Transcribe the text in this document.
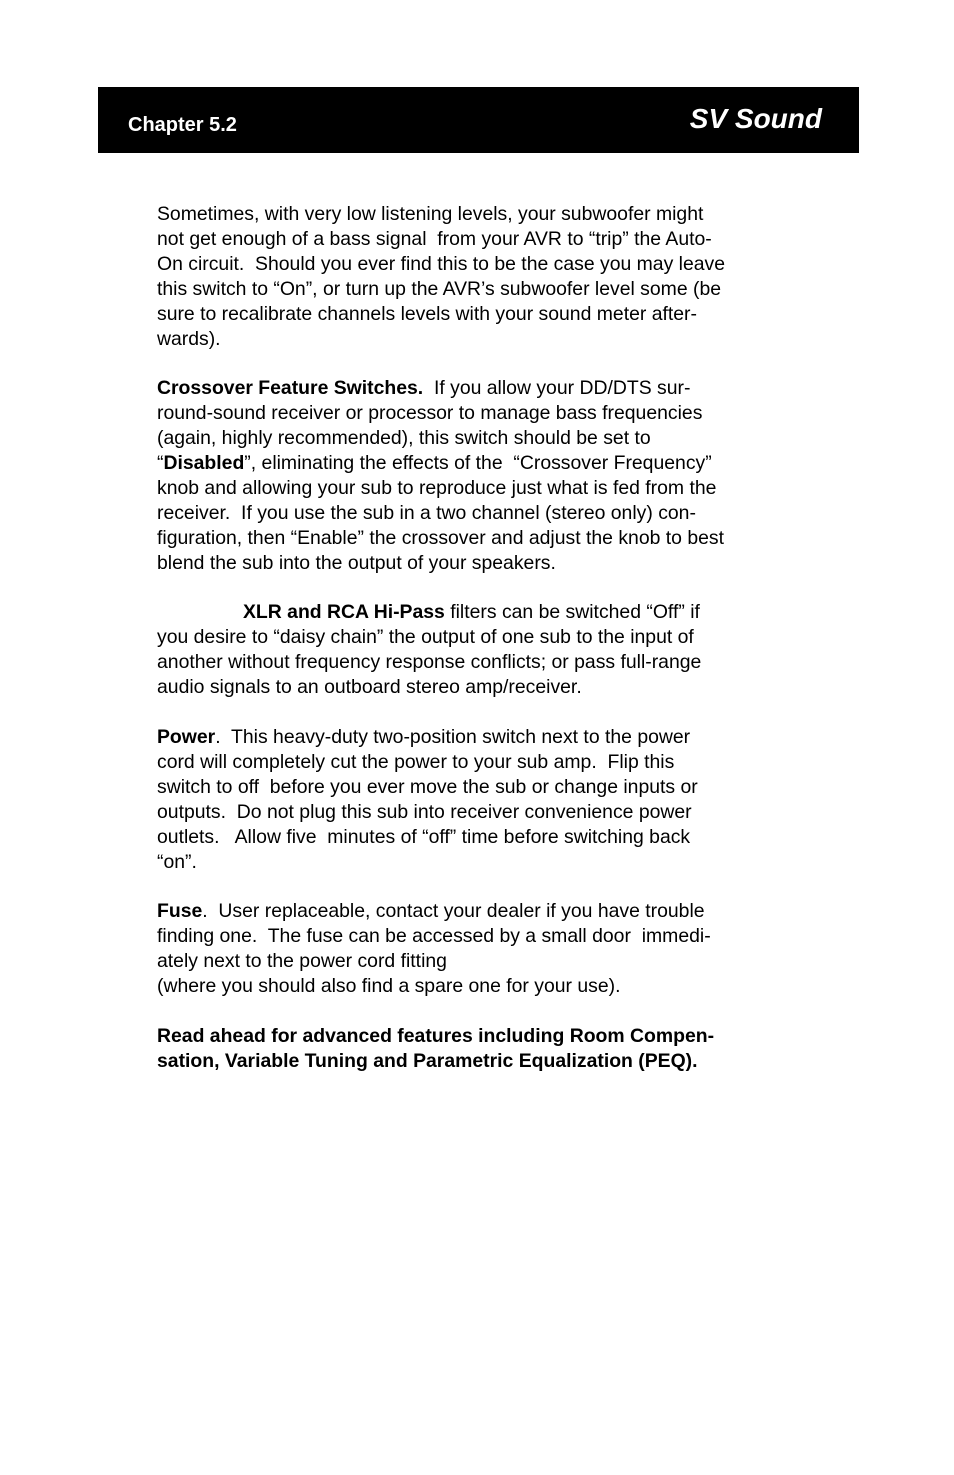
Chapter 5.2	SV Sound

Sometimes, with very low listening levels, your subwoofer might
not get enough of a bass signal  from your AVR to “trip” the Auto-
On circuit.  Should you ever find this to be the case you may leave
this switch to “On”, or turn up the AVR’s subwoofer level some (be
sure to recalibrate channels levels with your sound meter after-
wards).

Crossover Feature Switches.  If you allow your DD/DTS sur-
round-sound receiver or processor to manage bass frequencies
(again, highly recommended), this switch should be set to
“Disabled”, eliminating the effects of the  “Crossover Frequency”
knob and allowing your sub to reproduce just what is fed from the
receiver.  If you use the sub in a two channel (stereo only) con-
figuration, then “Enable” the crossover and adjust the knob to best
blend the sub into the output of your speakers.

XLR and RCA Hi-Pass filters can be switched “Off” if
you desire to “daisy chain” the output of one sub to the input of
another without frequency response conflicts; or pass full-range
audio signals to an outboard stereo amp/receiver.

Power.  This heavy-duty two-position switch next to the power
cord will completely cut the power to your sub amp.  Flip this
switch to off  before you ever move the sub or change inputs or
outputs.  Do not plug this sub into receiver convenience power
outlets.   Allow five  minutes of “off” time before switching back
“on”.

Fuse.  User replaceable, contact your dealer if you have trouble
finding one.  The fuse can be accessed by a small door  immedi-
ately next to the power cord fitting
(where you should also find a spare one for your use).

Read ahead for advanced features including Room Compen-
sation, Variable Tuning and Parametric Equalization (PEQ).
